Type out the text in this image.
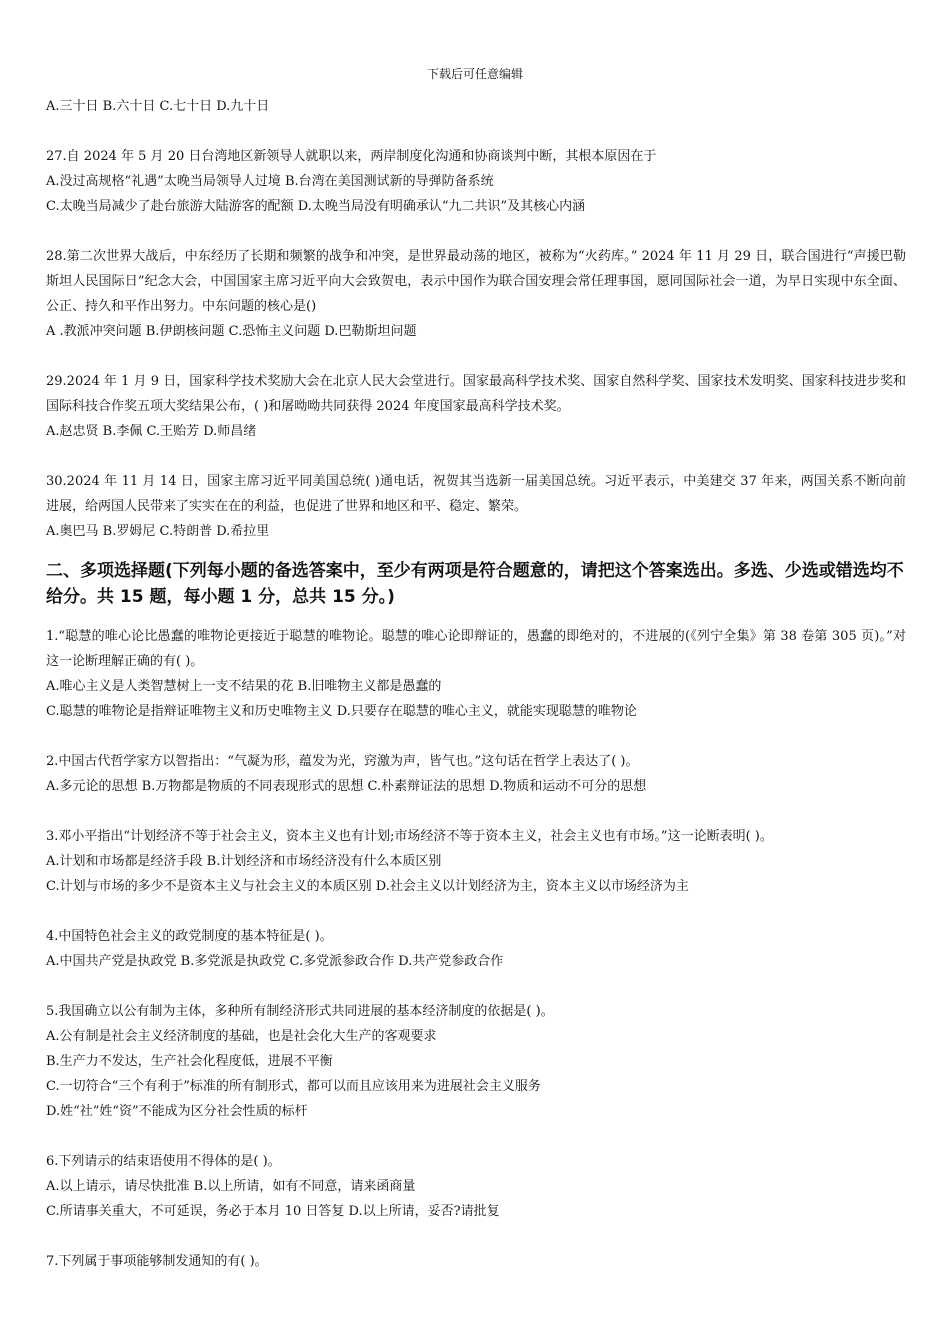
下载后可任意编辑
A.三十日 B.六十日 C.七十日 D.九十日
27.自 2024 年 5 月 20 日台湾地区新领导人就职以来，两岸制度化沟通和协商谈判中断，其根本原因在于
A.没过高规格“礼遇”太晚当局领导人过境 B.台湾在美国测试新的导弹防备系统
C.太晚当局减少了赴台旅游大陆游客的配额 D.太晚当局没有明确承认“九二共识”及其核心内涵
28.第二次世界大战后，中东经历了长期和频繁的战争和冲突，是世界最动荡的地区，被称为“火药库。” 2024 年 11 月 29 日，联合国进行“声援巴勒斯坦人民国际日”纪念大会，中国国家主席习近平向大会致贺电，表示中国作为联合国安理会常任理事国，愿同国际社会一道，为早日实现中东全面、公正、持久和平作出努力。中东问题的核心是()
A .教派冲突问题 B.伊朗核问题 C.恐怖主义问题 D.巴勒斯坦问题
29.2024 年 1 月 9 日，国家科学技术奖励大会在北京人民大会堂进行。国家最高科学技术奖、国家自然科学奖、国家技术发明奖、国家科技进步奖和国际科技合作奖五项大奖结果公布，( )和屠呦呦共同获得 2024 年度国家最高科学技术奖。
A.赵忠贤 B.李佩 C.王贻芳 D.师昌绪
30.2024 年 11 月 14 日，国家主席习近平同美国总统( )通电话，祝贺其当选新一届美国总统。习近平表示，中美建交 37 年来，两国关系不断向前进展，给两国人民带来了实实在在的利益，也促进了世界和地区和平、稳定、繁荣。
A.奥巴马 B.罗姆尼 C.特朗普 D.希拉里
二、多项选择题(下列每小题的备选答案中，至少有两项是符合题意的，请把这个答案选出。多选、少选或错选均不给分。共 15 题，每小题 1 分，总共 15 分。)
1.“聪慧的唯心论比愚蠢的唯物论更接近于聪慧的唯物论。聪慧的唯心论即辩证的，愚蠢的即绝对的，不进展的(《列宁全集》第 38 卷第 305 页)。”对这一论断理解正确的有( )。
A.唯心主义是人类智慧树上一支不结果的花 B.旧唯物主义都是愚蠢的
C.聪慧的唯物论是指辩证唯物主义和历史唯物主义 D.只要存在聪慧的唯心主义，就能实现聪慧的唯物论
2.中国古代哲学家方以智指出：“气凝为形，蕴发为光，窍激为声，皆气也。”这句话在哲学上表达了( )。
A.多元论的思想 B.万物都是物质的不同表现形式的思想 C.朴素辩证法的思想 D.物质和运动不可分的思想
3.邓小平指出“计划经济不等于社会主义，资本主义也有计划;市场经济不等于资本主义，社会主义也有市场。”这一论断表明( )。
A.计划和市场都是经济手段 B.计划经济和市场经济没有什么本质区别
C.计划与市场的多少不是资本主义与社会主义的本质区别 D.社会主义以计划经济为主，资本主义以市场经济为主
4.中国特色社会主义的政党制度的基本特征是( )。
A.中国共产党是执政党 B.多党派是执政党 C.多党派参政合作 D.共产党参政合作
5.我国确立以公有制为主体，多种所有制经济形式共同进展的基本经济制度的依据是( )。
A.公有制是社会主义经济制度的基础，也是社会化大生产的客观要求
B.生产力不发达，生产社会化程度低，进展不平衡
C.一切符合“三个有利于”标准的所有制形式，都可以而且应该用来为进展社会主义服务
D.姓“社”姓“资”不能成为区分社会性质的标杆
6.下列请示的结束语使用不得体的是( )。
A.以上请示，请尽快批准 B.以上所请，如有不同意，请来函商量
C.所请事关重大，不可延误，务必于本月 10 日答复 D.以上所请，妥否?请批复
7.下列属于事项能够制发通知的有( )。
